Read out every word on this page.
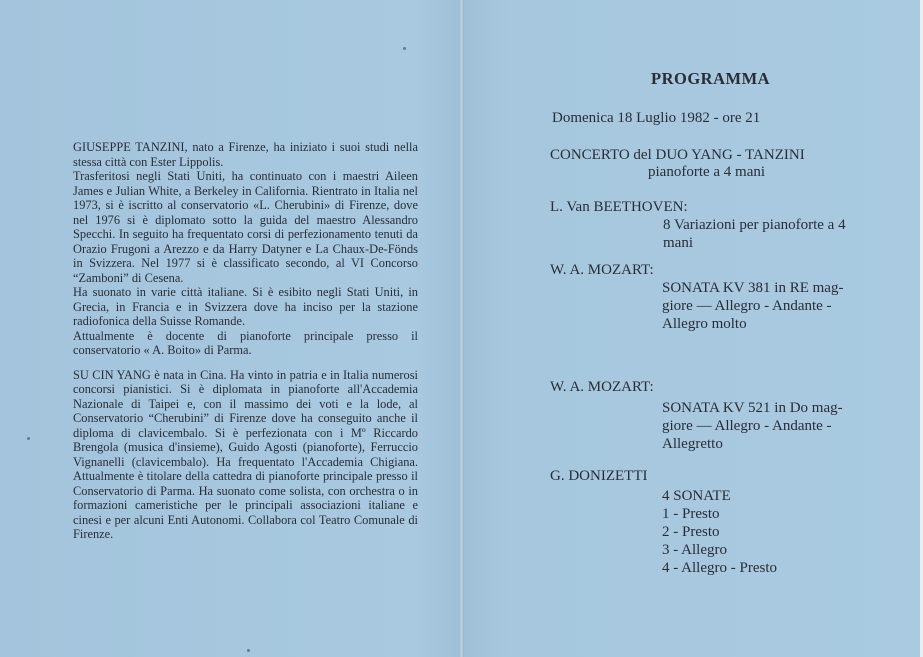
GIUSEPPE TANZINI, nato a Firenze, ha iniziato i suoi studi nella stessa città con Ester Lippolis.

Trasferitosi negli Stati Uniti, ha continuato con i maestri Aileen James e Julian White, a Berkeley in California. Rientrato in Italia nel 1973, si è iscritto al conservatorio «L. Cherubini» di Firenze, dove nel 1976 si è diplomato sotto la guida del maestro Alessandro Specchi. In seguito ha frequentato corsi di perfezionamento tenuti da Orazio Frugoni a Arezzo e da Harry Datyner e La Chaux-De-Fönds in Svizzera. Nel 1977 si è classificato secondo, al VI Concorso “Zamboni” di Cesena.

Ha suonato in varie città italiane. Si è esibito negli Stati Uniti, in Grecia, in Francia e in Svizzera dove ha inciso per la stazione radiofonica della Suisse Romande.

Attualmente è docente di pianoforte principale presso il conservatorio « A. Boito» di Parma.

SU CIN YANG è nata in Cina. Ha vinto in patria e in Italia numerosi concorsi pianistici. Si è diplomata in pianoforte all'Accademia Nazionale di Taipei e, con il massimo dei voti e la lode, al Conservatorio “Cherubini” di Firenze dove ha conseguito anche il diploma di clavicembalo. Si è perfezionata con i Mº Riccardo Brengola (musica d'insieme), Guido Agosti (pianoforte), Ferruccio Vignanelli (clavicembalo). Ha frequentato l'Accademia Chigiana. Attualmente è titolare della cattedra di pianoforte principale presso il Conservatorio di Parma. Ha suonato come solista, con orchestra o in formazioni cameristiche per le principali associazioni italiane e cinesi e per alcuni Enti Autonomi. Collabora col Teatro Comunale di Firenze.

PROGRAMMA
Domenica 18 Luglio 1982 - ore 21
CONCERTO del DUO YANG - TANZINI
pianoforte a 4 mani
L. Van BEETHOVEN:
8 Variazioni per pianoforte a 4
mani
W. A. MOZART:
SONATA KV 381 in RE mag-
giore — Allegro - Andante -
Allegro molto
W. A. MOZART:
SONATA KV 521 in Do mag-
giore — Allegro - Andante -
Allegretto
G. DONIZETTI
4 SONATE
1 - Presto
2 - Presto
3 - Allegro
4 - Allegro - Presto
